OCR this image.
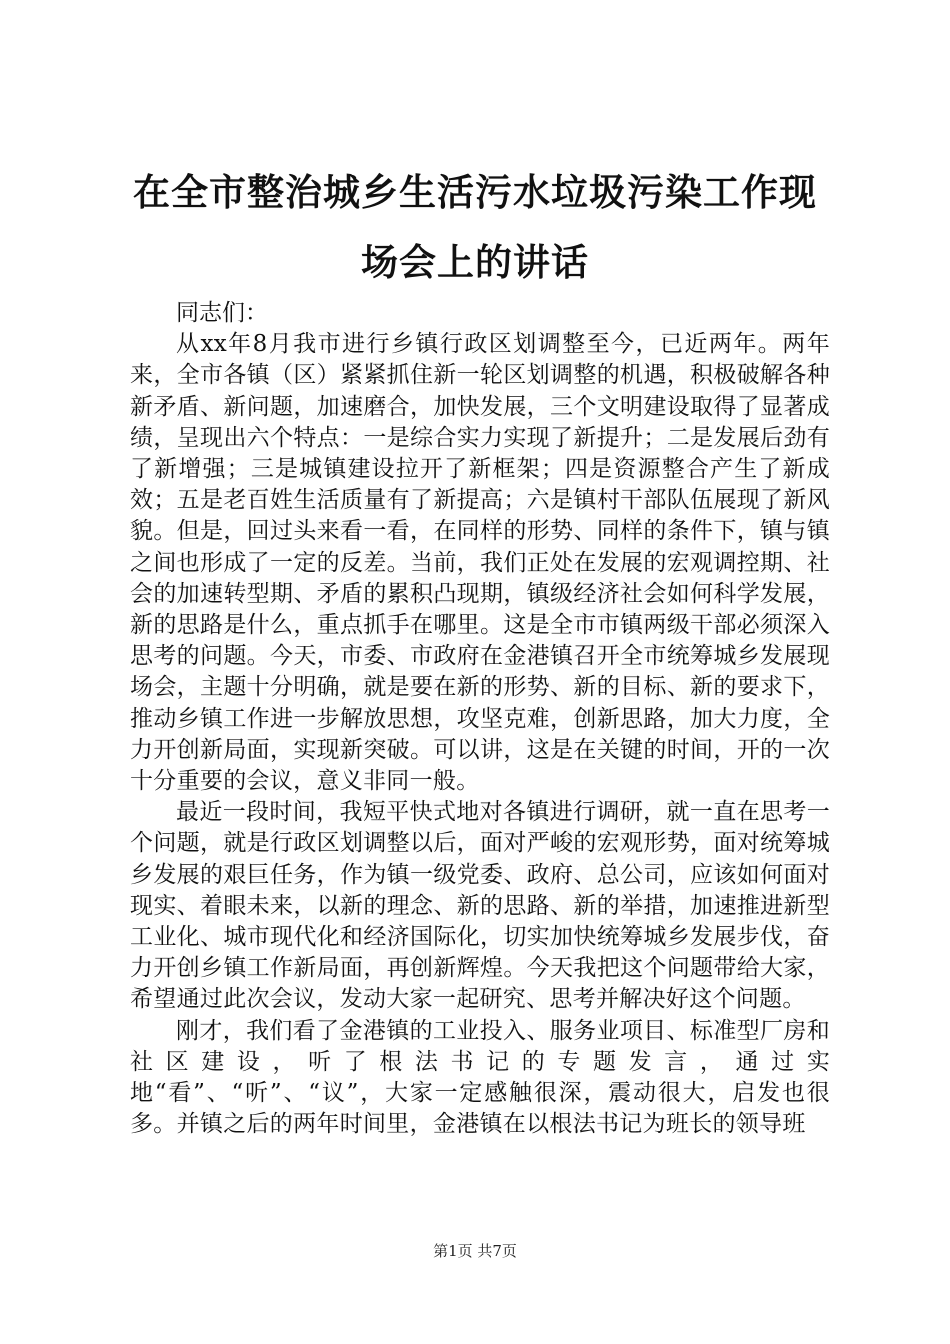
在全市整治城乡生活污水垃圾污染工作现场会上的讲话

同志们：

从xx年8月我市进行乡镇行政区划调整至今，已近两年。两年来，全市各镇（区）紧紧抓住新一轮区划调整的机遇，积极破解各种新矛盾、新问题，加速磨合，加快发展，三个文明建设取得了显著成绩，呈现出六个特点：一是综合实力实现了新提升；二是发展后劲有了新增强；三是城镇建设拉开了新框架；四是资源整合产生了新成效；五是老百姓生活质量有了新提高；六是镇村干部队伍展现了新风貌。但是，回过头来看一看，在同样的形势、同样的条件下，镇与镇之间也形成了一定的反差。当前，我们正处在发展的宏观调控期、社会的加速转型期、矛盾的累积凸现期，镇级经济社会如何科学发展，新的思路是什么，重点抓手在哪里。这是全市市镇两级干部必须深入思考的问题。今天，市委、市政府在金港镇召开全市统筹城乡发展现场会，主题十分明确，就是要在新的形势、新的目标、新的要求下，推动乡镇工作进一步解放思想，攻坚克难，创新思路，加大力度，全力开创新局面，实现新突破。可以讲，这是在关键的时间，开的一次十分重要的会议，意义非同一般。

最近一段时间，我短平快式地对各镇进行调研，就一直在思考一个问题，就是行政区划调整以后，面对严峻的宏观形势，面对统筹城乡发展的艰巨任务，作为镇一级党委、政府、总公司，应该如何面对现实、着眼未来，以新的理念、新的思路、新的举措，加速推进新型工业化、城市现代化和经济国际化，切实加快统筹城乡发展步伐，奋力开创乡镇工作新局面，再创新辉煌。今天我把这个问题带给大家，希望通过此次会议，发动大家一起研究、思考并解决好这个问题。

刚才，我们看了金港镇的工业投入、服务业项目、标准型厂房和社区建设，听了根法书记的专题发言，通过实地“看”、“听”、“议”，大家一定感触很深，震动很大，启发也很多。并镇之后的两年时间里，金港镇在以根法书记为班长的领导班

第1页 共7页
